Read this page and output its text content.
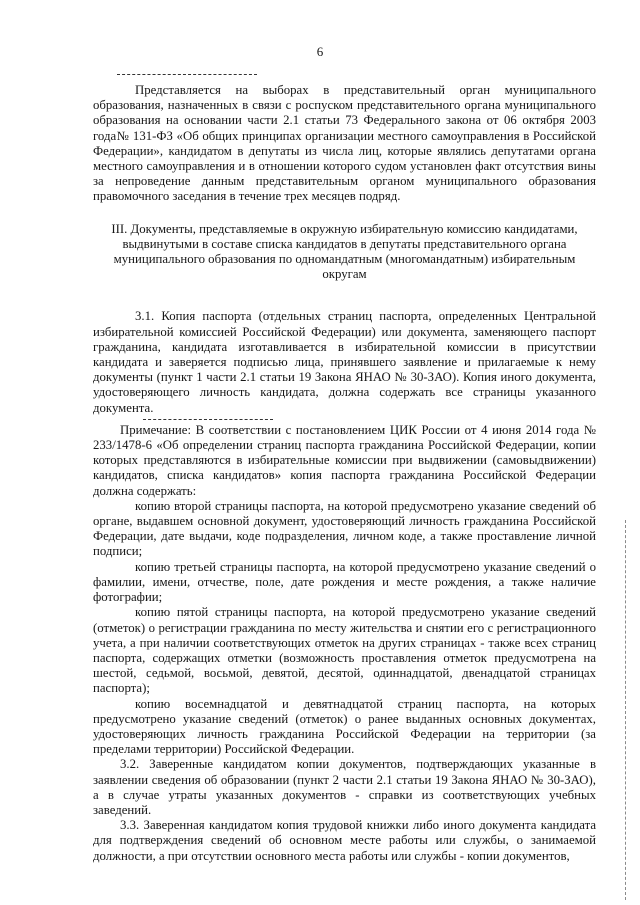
6

Представляется на выборах в представительный орган муниципального образования, назначенных в связи с роспуском представительного органа муниципального образования на основании части 2.1 статьи 73 Федерального закона от 06 октября 2003 года№ 131-ФЗ «Об общих принципах организации местного самоуправления в Российской Федерации», кандидатом в депутаты из числа лиц, которые являлись депутатами органа местного самоуправления и в отношении которого судом установлен факт отсутствия вины за непроведение данным представительным органом муниципального образования правомочного заседания в течение трех месяцев подряд.

III. Документы, представляемые в окружную избирательную комиссию кандидатами, выдвинутыми в составе списка кандидатов в депутаты представительного органа муниципального образования по одномандатным (многомандатным) избирательным округам

3.1. Копия паспорта (отдельных страниц паспорта, определенных Центральной избирательной комиссией Российской Федерации) или документа, заменяющего паспорт гражданина, кандидата изготавливается в избирательной комиссии в присутствии кандидата и заверяется подписью лица, принявшего заявление и прилагаемые к нему документы (пункт 1 части 2.1 статьи 19 Закона ЯНАО № 30-ЗАО). Копия иного документа, удостоверяющего личность кандидата, должна содержать все страницы указанного документа.

Примечание: В соответствии с постановлением ЦИК России от 4 июня 2014 года № 233/1478-6 «Об определении страниц паспорта гражданина Российской Федерации, копии которых представляются в избирательные комиссии при выдвижении (самовыдвижении) кандидатов, списка кандидатов» копия паспорта гражданина Российской Федерации должна содержать:

копию второй страницы паспорта, на которой предусмотрено указание сведений об органе, выдавшем основной документ, удостоверяющий личность гражданина Российской Федерации, дате выдачи, коде подразделения, личном коде, а также проставление личной подписи;

копию третьей страницы паспорта, на которой предусмотрено указание сведений о фамилии, имени, отчестве, поле, дате рождения и месте рождения, а также наличие фотографии;

копию пятой страницы паспорта, на которой предусмотрено указание сведений (отметок) о регистрации гражданина по месту жительства и снятии его с регистрационного учета, а при наличии соответствующих отметок на других страницах - также всех страниц паспорта, содержащих отметки (возможность проставления отметок предусмотрена на шестой, седьмой, восьмой, девятой, десятой, одиннадцатой, двенадцатой страницах паспорта);

копию восемнадцатой и девятнадцатой страниц паспорта, на которых предусмотрено указание сведений (отметок) о ранее выданных основных документах, удостоверяющих личность гражданина Российской Федерации на территории (за пределами территории) Российской Федерации.

3.2. Заверенные кандидатом копии документов, подтверждающих указанные в заявлении сведения об образовании (пункт 2 части 2.1 статьи 19 Закона ЯНАО № 30-ЗАО), а в случае утраты указанных документов - справки из соответствующих учебных заведений.

3.3. Заверенная кандидатом копия трудовой книжки либо иного документа кандидата для подтверждения сведений об основном месте работы или службы, о занимаемой должности, а при отсутствии основного места работы или службы - копии документов,
